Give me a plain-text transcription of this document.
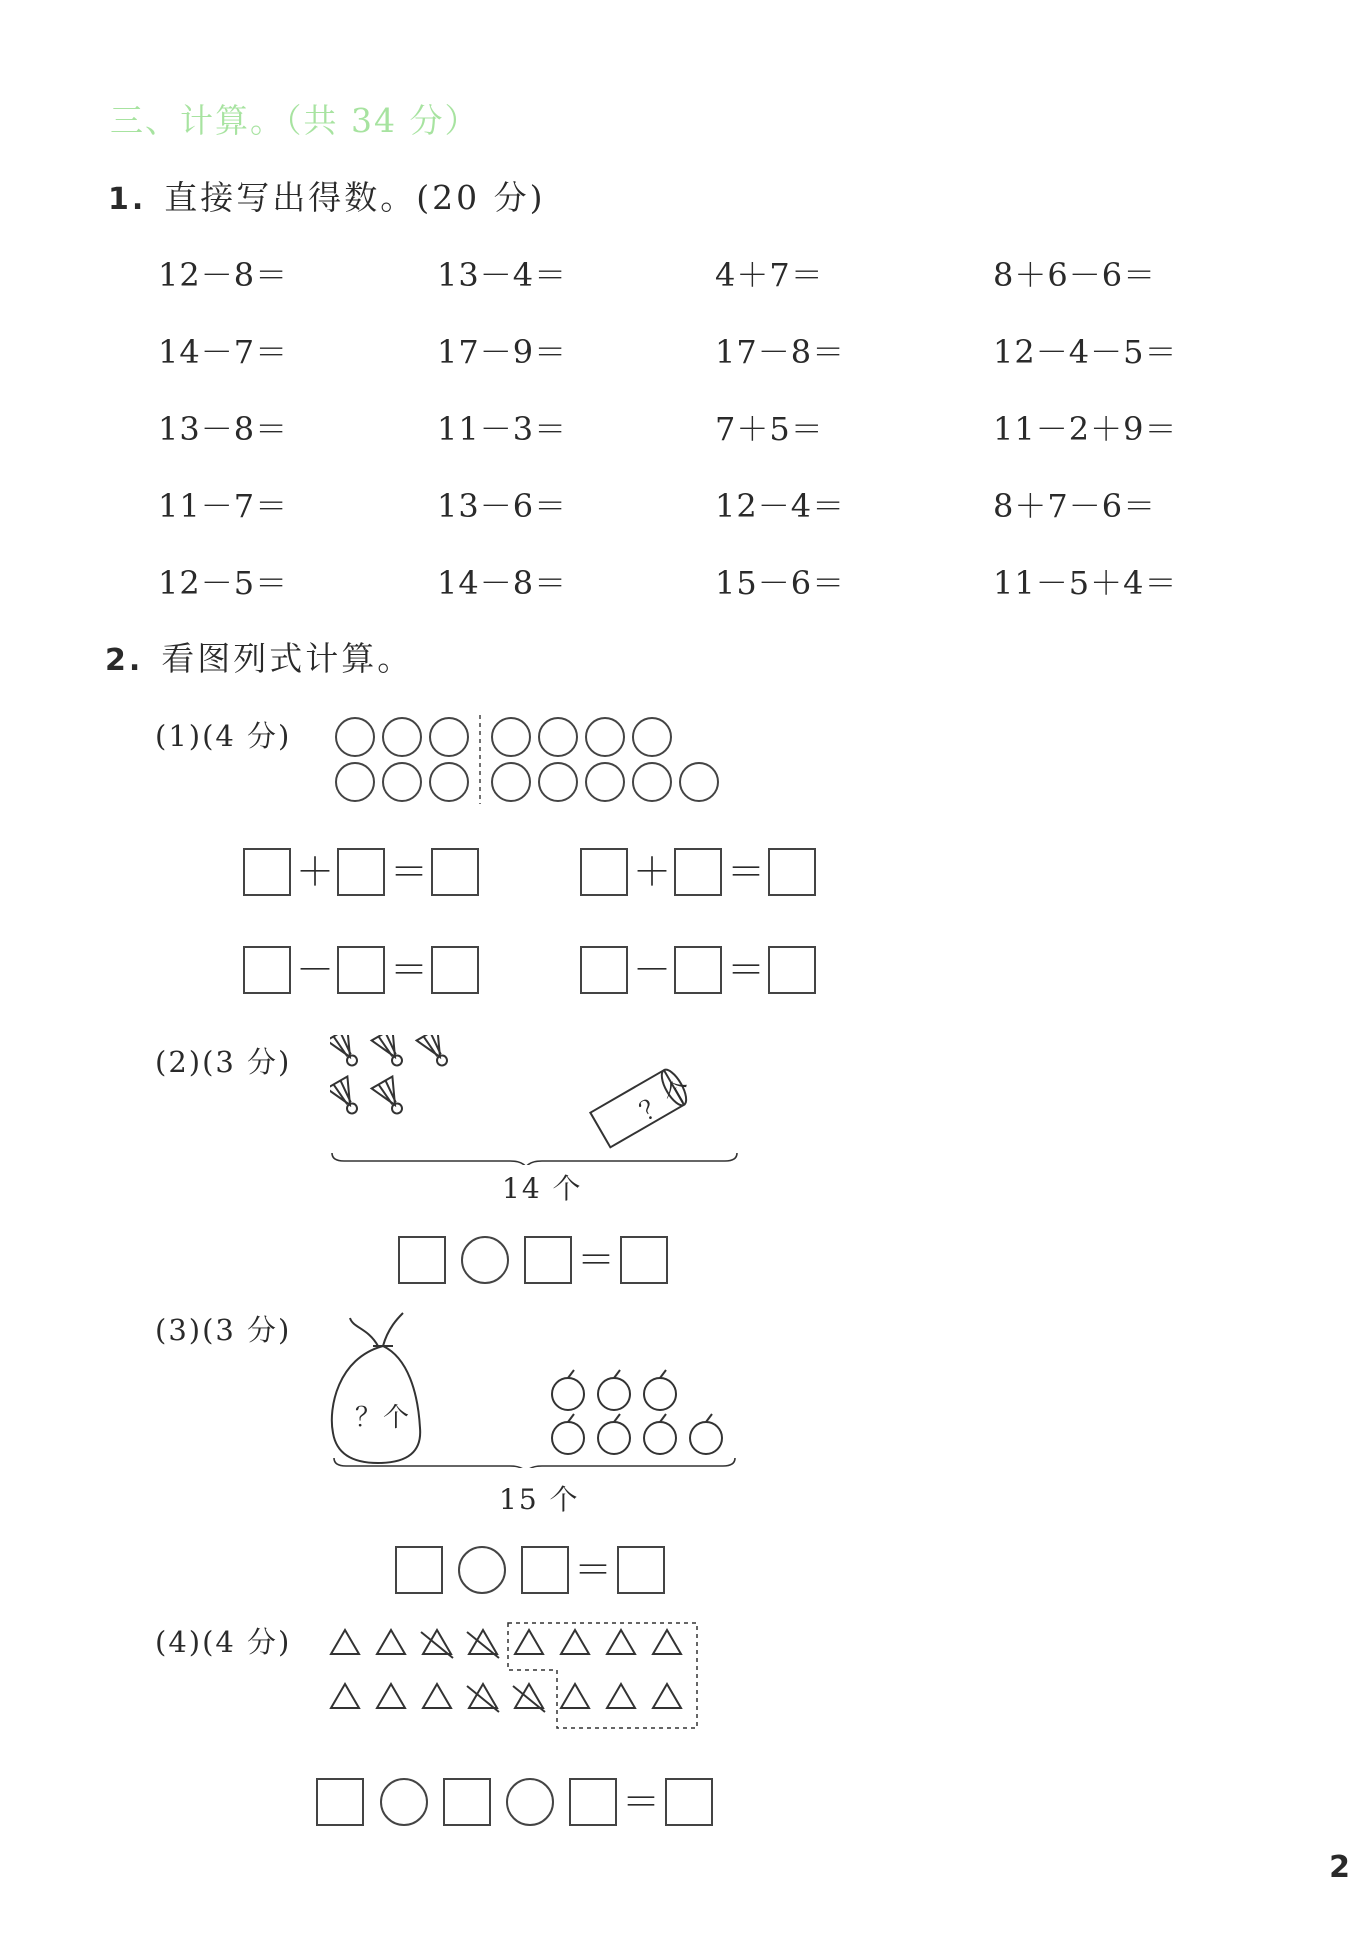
三、计算。（共 34 分）
1. 直接写出得数。(20 分)
12－8＝
14－7＝
13－8＝
11－7＝
12－5＝
13－4＝
17－9＝
11－3＝
13－6＝
14－8＝
4＋7＝
17－8＝
7＋5＝
12－4＝
15－6＝
8＋6－6＝
12－4－5＝
11－2＋9＝
8＋7－6＝
11－5＋4＝
2. 看图列式计算。
(1)(4 分)
＋ ＝	＋ ＝
－ ＝	－ ＝
(2)(3 分)
？个
14 个
＝
(3)(3 分)
？个
15 个
＝
(4)(4 分)
＝
2
